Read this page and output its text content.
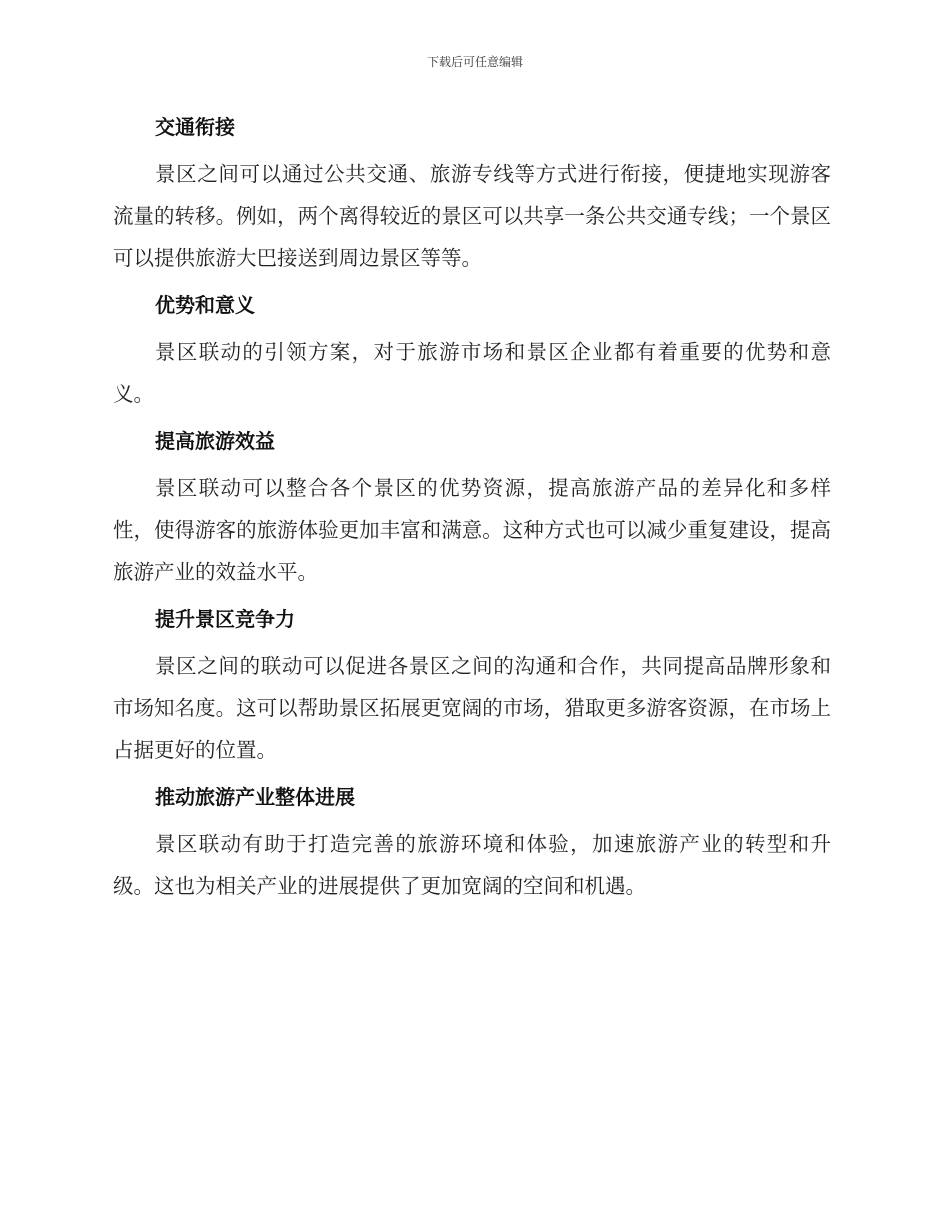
下载后可任意编辑
交通衔接

景区之间可以通过公共交通、旅游专线等方式进行衔接，便捷地实现游客流量的转移。例如，两个离得较近的景区可以共享一条公共交通专线；一个景区可以提供旅游大巴接送到周边景区等等。

优势和意义

景区联动的引领方案，对于旅游市场和景区企业都有着重要的优势和意义。

提高旅游效益

景区联动可以整合各个景区的优势资源，提高旅游产品的差异化和多样性，使得游客的旅游体验更加丰富和满意。这种方式也可以减少重复建设，提高旅游产业的效益水平。

提升景区竞争力

景区之间的联动可以促进各景区之间的沟通和合作，共同提高品牌形象和市场知名度。这可以帮助景区拓展更宽阔的市场，猎取更多游客资源，在市场上占据更好的位置。

推动旅游产业整体进展

景区联动有助于打造完善的旅游环境和体验，加速旅游产业的转型和升级。这也为相关产业的进展提供了更加宽阔的空间和机遇。
